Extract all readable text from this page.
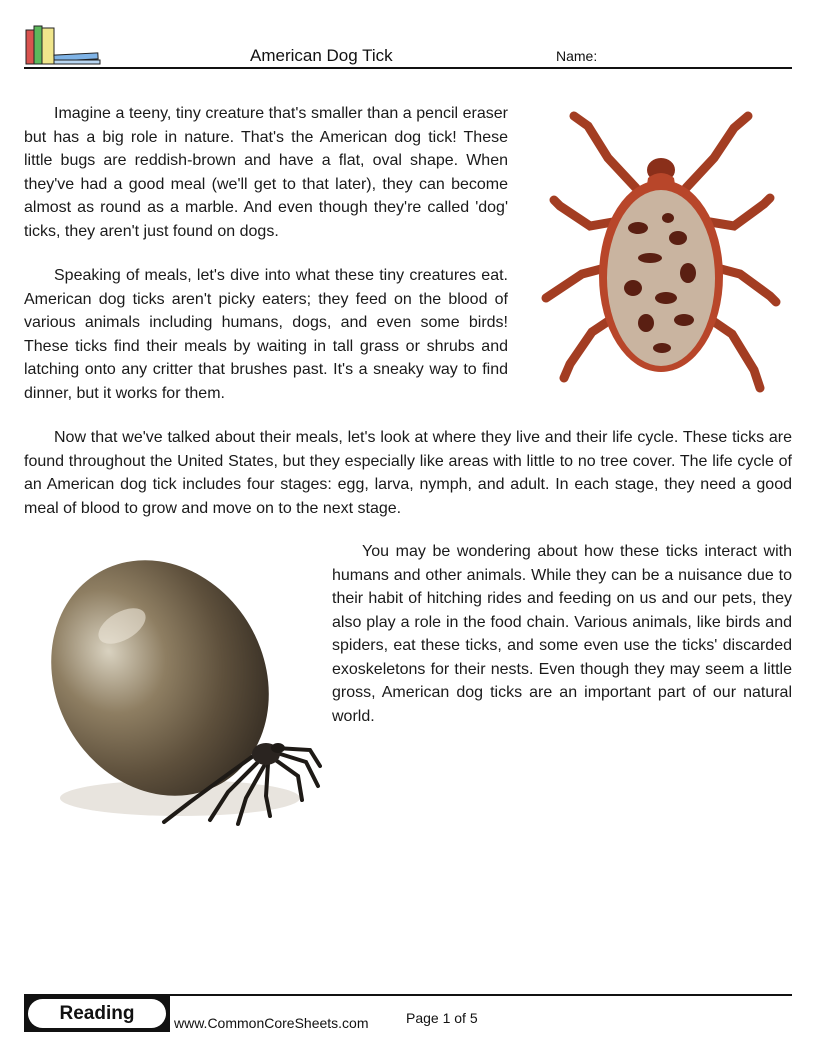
American Dog Tick	Name:

Imagine a teeny, tiny creature that's smaller than a pencil eraser but has a big role in nature. That's the American dog tick! These little bugs are reddish-brown and have a flat, oval shape. When they've had a good meal (we'll get to that later), they can become almost as round as a marble. And even though they're called 'dog' ticks, they aren't just found on dogs.

Speaking of meals, let's dive into what these tiny creatures eat. American dog ticks aren't picky eaters; they feed on the blood of various animals including humans, dogs, and even some birds! These ticks find their meals by waiting in tall grass or shrubs and latching onto any critter that brushes past. It's a sneaky way to find dinner, but it works for them.

Now that we've talked about their meals, let's look at where they live and their life cycle. These ticks are found throughout the United States, but they especially like areas with little to no tree cover. The life cycle of an American dog tick includes four stages: egg, larva, nymph, and adult. In each stage, they need a good meal of blood to grow and move on to the next stage.

You may be wondering about how these ticks interact with humans and other animals. While they can be a nuisance due to their habit of hitching rides and feeding on us and our pets, they also play a role in the food chain. Various animals, like birds and spiders, eat these ticks, and some even use the ticks' discarded exoskeletons for their nests. Even though they may seem a little gross, American dog ticks are an important part of our natural world.

Reading	www.CommonCoreSheets.com	Page 1 of 5
